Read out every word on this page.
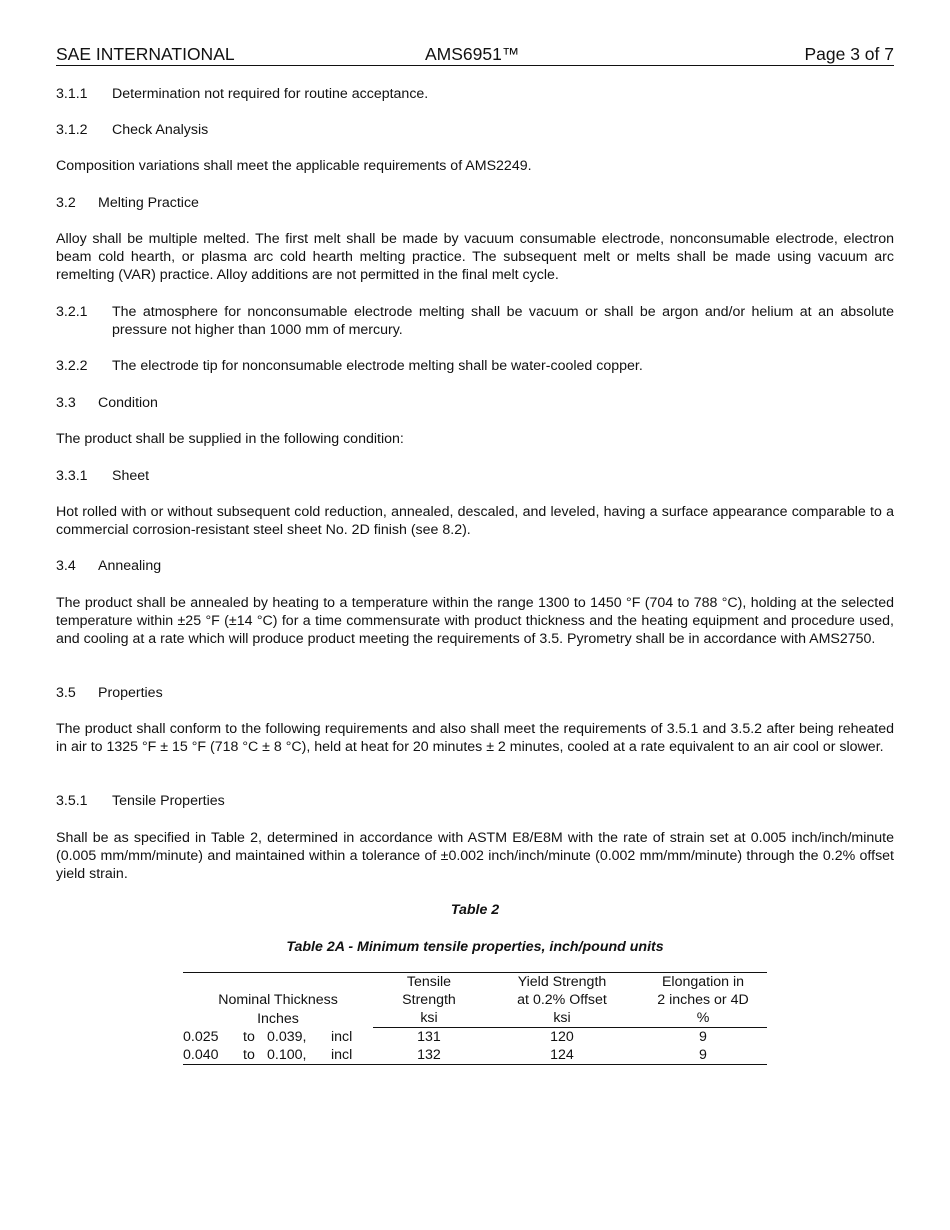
SAE INTERNATIONAL	AMS6951™	Page 3 of 7
3.1.1 Determination not required for routine acceptance.
3.1.2 Check Analysis
Composition variations shall meet the applicable requirements of AMS2249.
3.2 Melting Practice
Alloy shall be multiple melted. The first melt shall be made by vacuum consumable electrode, nonconsumable electrode, electron beam cold hearth, or plasma arc cold hearth melting practice. The subsequent melt or melts shall be made using vacuum arc remelting (VAR) practice. Alloy additions are not permitted in the final melt cycle.
3.2.1 The atmosphere for nonconsumable electrode melting shall be vacuum or shall be argon and/or helium at an absolute pressure not higher than 1000 mm of mercury.
3.2.2 The electrode tip for nonconsumable electrode melting shall be water-cooled copper.
3.3 Condition
The product shall be supplied in the following condition:
3.3.1 Sheet
Hot rolled with or without subsequent cold reduction, annealed, descaled, and leveled, having a surface appearance comparable to a commercial corrosion-resistant steel sheet No. 2D finish (see 8.2).
3.4 Annealing
The product shall be annealed by heating to a temperature within the range 1300 to 1450 °F (704 to 788 °C), holding at the selected temperature within ±25 °F (±14 °C) for a time commensurate with product thickness and the heating equipment and procedure used, and cooling at a rate which will produce product meeting the requirements of 3.5. Pyrometry shall be in accordance with AMS2750.
3.5 Properties
The product shall conform to the following requirements and also shall meet the requirements of 3.5.1 and 3.5.2 after being reheated in air to 1325 °F ± 15 °F (718 °C ± 8 °C), held at heat for 20 minutes ± 2 minutes, cooled at a rate equivalent to an air cool or slower.
3.5.1 Tensile Properties
Shall be as specified in Table 2, determined in accordance with ASTM E8/E8M with the rate of strain set at 0.005 inch/inch/minute (0.005 mm/mm/minute) and maintained within a tolerance of ±0.002 inch/inch/minute (0.002 mm/mm/minute) through the 0.2% offset yield strain.
Table 2
Table 2A - Minimum tensile properties, inch/pound units
Nominal Thickness	Tensile	Yield Strength	Elongation in
	Strength	at 0.2% Offset	2 inches or 4D
Inches	ksi	ksi	%

0.025 to 0.039, incl	131	120	9

0.040 to 0.100, incl	132	124	9
